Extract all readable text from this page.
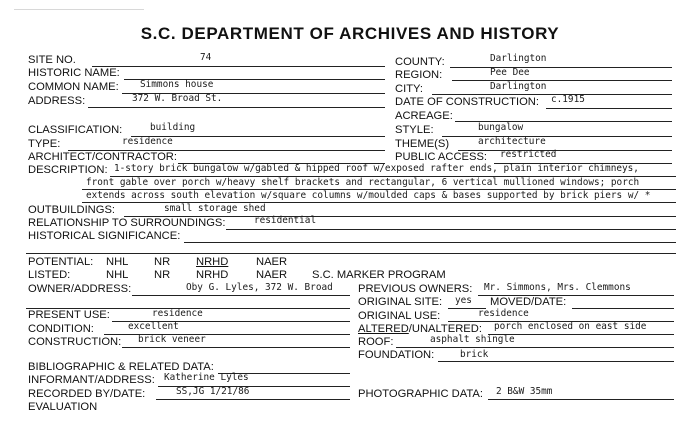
S.C. DEPARTMENT OF ARCHIVES AND HISTORY
SITE NO.	74
HISTORIC NAME:
COMMON NAME: Simmons house
ADDRESS:	372 W. Broad St.
COUNTY:	Darlington
REGION:	Pee Dee
CITY:	Darlington
DATE OF CONSTRUCTION: c.1915
ACREAGE:
CLASSIFICATION:	building
TYPE:	residence
ARCHITECT/CONTRACTOR:
STYLE:	bungalow
THEME(S)	architecture
PUBLIC ACCESS: restricted
DESCRIPTION: 1-story brick bungalow w/gabled & hipped roof w/exposed rafter ends, plain interior chimneys,
front gable over porch w/heavy shelf brackets and rectangular, 6 vertical mullioned windows; porch
extends across south elevation w/square columns w/moulded caps & bases supported by brick piers w/ *
OUTBUILDINGS:	small storage shed
RELATIONSHIP TO SURROUNDINGS:	residential
HISTORICAL SIGNIFICANCE:
POTENTIAL: NHL NR NRHD NAER
LISTED:	NHL NR NRHD NAER S.C. MARKER PROGRAM
OWNER/ADDRESS:	Oby G. Lyles, 372 W. Broad PREVIOUS OWNERS: Mr. Simmons, Mrs. Clemmons
ORIGINAL SITE: yes MOVED/DATE:
PRESENT USE:	residence
CONDITION:	excellent
CONSTRUCTION: brick veneer
ORIGINAL USE:	residence
ALTERED/UNALTERED: porch enclosed on east side
ROOF:	asphalt shingle
FOUNDATION:	brick
BIBLIOGRAPHIC & RELATED DATA:
INFORMANT/ADDRESS: Katherine Lyles
RECORDED BY/DATE:	SS,JG 1/21/86	PHOTOGRAPHIC DATA: 2 B&W 35mm
EVALUATION
